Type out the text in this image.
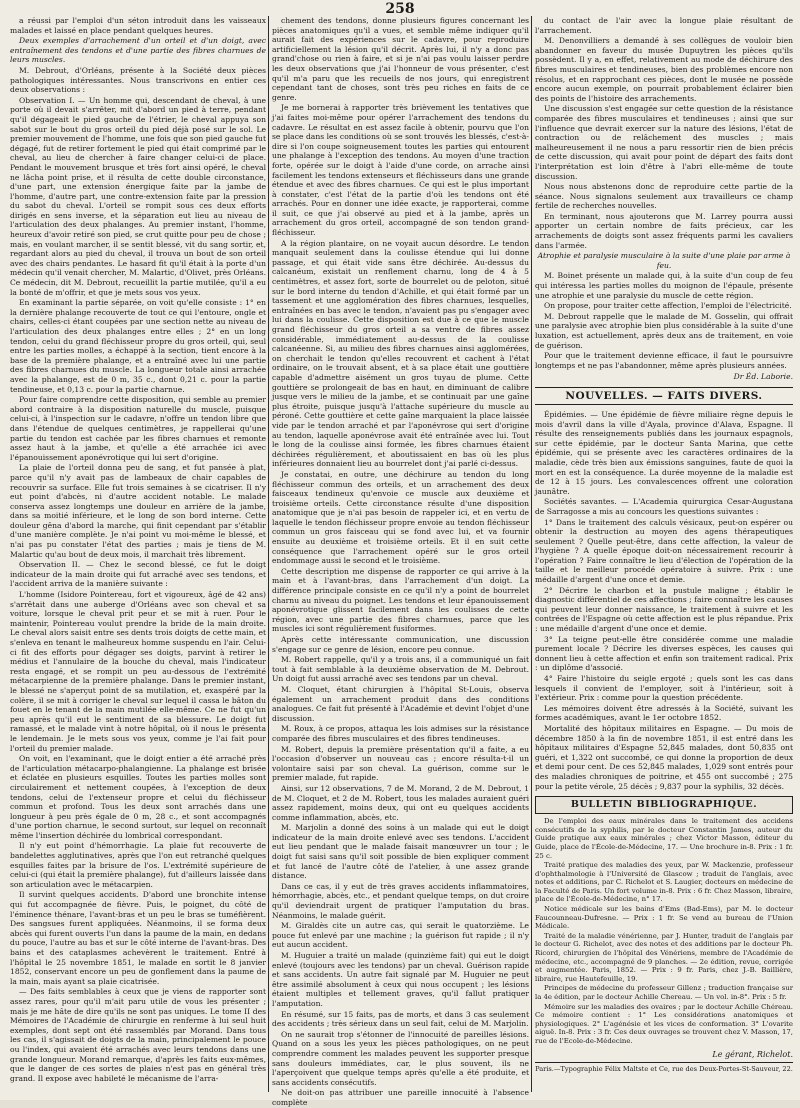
258

a réussi par l'emploi d'un séton introduit dans les vaisseaux malades et laissé en place pendant quelques heures.

Deux exemples d'arrachement d'un orteil et d'un doigt, avec entraînement des tendons et d'une partie des fibres charnues de leurs muscles.

M. Debrout, d'Orléans, présente à la Société deux pièces pathologiques intéressantes. Nous transcrivons en entier ces deux observations :

Observation I. — Un homme qui, descendant de cheval, à une porte où il devait s'arrêter, mit d'abord un pied à terre, pendant qu'il dégageait le pied gauche de l'étrier, le cheval appuya son sabot sur le bout du gros orteil du pied déjà posé sur le sol. Le premier mouvement de l'homme, une fois que son pied gauche fut dégagé, fut de retirer fortement le pied qui était comprimé par le cheval, au lieu de chercher à faire changer celui-ci de place. Pendant le mouvement brusque et très fort ainsi opéré, le cheval ne lâcha point prise, et il résulta de cette double circonstance, d'une part, une extension énergique faite par la jambe de l'homme, d'autre part, une contre-extension faite par la pression du sabot du cheval. L'orteil se rompit sous ces deux efforts dirigés en sens inverse, et la séparation eut lieu au niveau de l'articulation des deux phalanges. Au premier instant, l'homme, heureux d'avoir retiré son pied, se crut quitte pour peu de chose ; mais, en voulant marcher, il se sentit blessé, vit du sang sortir, et, regardant alors au pied du cheval, il trouva un bout de son orteil avec des chairs pendantes. Le hasard fit qu'il était à la porte d'un médecin qu'il venait chercher, M. Malartic, d'Olivet, près Orléans. Ce médecin, dit M. Debrout, recueillit la partie mutilée, qu'il a eu la bonté de m'offrir, et que je mets sous vos yeux.

En examinant la partie séparée, on voit qu'elle consiste : 1° en la dernière phalange recouverte de tout ce qui l'entoure, ongle et chairs, celles-ci étant coupées par une section nette au niveau de l'articulation des deux phalanges entre elles ; 2° en un long tendon, celui du grand fléchisseur propre du gros orteil, qui, seul entre les parties molles, a échappé à la section, tient encore à la base de la première phalange, et a entraîné avec lui une partie des fibres charnues du muscle. La longueur totale ainsi arrachée avec la phalange, est de 0 m, 35 c., dont 0,21 c. pour la partie tendineuse, et 0,13 c. pour la partie charnue.

Pour faire comprendre cette disposition, qui semble au premier abord contraire à la disposition naturelle du muscle, puisque celui-ci, à l'inspection sur le cadavre, n'offre un tendon libre que dans l'étendue de quelques centimètres, je rappellerai qu'une partie du tendon est cachée par les fibres charnues et remonte assez haut à la jambe, et qu'elle a été arrachée ici avec l'épanouissement aponévrotique qui lui sert d'origine.

La plaie de l'orteil donna peu de sang, et fut pansée à plat, parce qu'il n'y avait pas de lambeaux de chair capables de recouvrir sa surface. Elle fut trois semaines à se cicatriser. Il n'y eut point d'abcès, ni d'autre accident notable. Le malade conserva assez longtemps une douleur en arrière de la jambe, dans sa moitié inférieure, et le long de son bord interne. Cette douleur gêna d'abord la marche, qui finit cependant par s'établir d'une manière complète. Je n'ai point vu moi-même le blessé, et n'ai pas pu constater l'état des parties ; mais je tiens de M. Malartic qu'au bout de deux mois, il marchait très librement.

Observation II. — Chez le second blessé, ce fut le doigt indicateur de la main droite qui fut arraché avec ses tendons, et l'accident arriva de la manière suivante :

L'homme (Isidore Pointereau, fort et vigoureux, âgé de 42 ans) s'arrêtait dans une auberge d'Orléans avec son cheval et sa voiture, lorsque le cheval prit peur et se mit à ruer. Pour le maintenir, Pointereau voulut prendre la bride de la main droite. Le cheval alors saisit entre ses dents trois doigts de cette main, et s'enleva en tenant le malheureux homme suspendu en l'air. Celui-ci fit des efforts pour dégager ses doigts, parvint à retirer le médius et l'annulaire de la bouche du cheval, mais l'indicateur resta engagé, et se rompit un peu au-dessous de l'extrémité métacarpienne de la première phalange. Dans le premier instant, le blessé ne s'aperçut point de sa mutilation, et, exaspéré par la colère, il se mit à corriger le cheval sur lequel il cassa le bâton du fouet en le tenant de la main mutilée elle-même. Ce ne fut qu'un peu après qu'il eut le sentiment de sa blessure. Le doigt fut ramassé, et le malade vint à notre hôpital, où il nous le présenta le lendemain. Je le mets sous vos yeux, comme je l'ai fait pour l'orteil du premier malade.

On voit, en l'examinant, que le doigt entier a été arraché près de l'articulation métacarpo-phalangienne. La phalange est brisée et éclatée en plusieurs esquilles. Toutes les parties molles sont circulairement et nettement coupées, à l'exception de deux tendons, celui de l'extenseur propre et celui du fléchisseur commun et profond. Tous les deux sont arrachés dans une longueur à peu près égale de 0 m, 28 c., et sont accompagnés d'une portion charnue, le second surtout, sur lequel on reconnaît même l'insertion déchirée du lombrical correspondant.

Il n'y eut point d'hémorrhagie. La plaie fut recouverte de bandelettes agglutinatives, après que l'on eut retranché quelques esquilles faites par la brisure de l'os. L'extrémité supérieure de celui-ci (qui était la première phalange), fut d'ailleurs laissée dans son articulation avec le métacarpien.

Il survint quelques accidents. D'abord une bronchite intense qui fut accompagnée de fièvre. Puis, le poignet, du côté de l'éminence thénare, l'avant-bras et un peu le bras se tuméfièrent. Des sangsues furent appliquées. Néanmoins, il se forma deux abcès qui furent ouverts l'un dans la paume de la main, en dedans du pouce, l'autre au bas et sur le côté interne de l'avant-bras. Des bains et des cataplasmes achevèrent le traitement. Entré à l'hôpital le 25 novembre 1851, le malade en sortit le 8 janvier 1852, conservant encore un peu de gonflement dans la paume de la main, mais ayant sa plaie cicatrisée.

— Des faits semblables à ceux que je viens de rapporter sont assez rares, pour qu'il m'ait paru utile de vous les présenter ; mais je me hâte de dire qu'ils ne sont pas uniques. Le tome II des Mémoires de l'Académie de chirurgie en renferme à lui seul huit exemples, dont sept ont été rassemblés par Morand. Dans tous les cas, il s'agissait de doigts de la main, principalement le pouce ou l'index, qui avaient été arrachés avec leurs tendons dans une grande longueur. Morand remarque, d'après les faits eux-mêmes, que le danger de ces sortes de plaies n'est pas en général très grand. Il expose avec habileté le mécanisme de l'arra-

chement des tendons, donne plusieurs figures concernant les pièces anatomiques qu'il a vues, et semble même indiquer qu'il aurait fait des expériences sur le cadavre, pour reproduire artificiellement la lésion qu'il décrit. Après lui, il n'y a donc pas grand'chose ou rien à faire, et si je n'ai pas voulu laisser perdre les deux observations que j'ai l'honneur de vous présenter, c'est qu'il m'a paru que les recueils de nos jours, qui enregistrent cependant tant de choses, sont très peu riches en faits de ce genre.

Je me bornerai à rapporter très brièvement les tentatives que j'ai faites moi-même pour opérer l'arrachement des tendons du cadavre. Le résultat en est assez facile à obtenir, pourvu que l'on se place dans les conditions où se sont trouvés les blessés, c'est-à-dire si l'on coupe soigneusement toutes les parties qui entourent une phalange à l'exception des tendons. Au moyen d'une traction forte, opérée sur le doigt à l'aide d'une corde, on arrache ainsi facilement les tendons extenseurs et fléchisseurs dans une grande étendue et avec des fibres charnues. Ce qui est le plus important à constater, c'est l'état de la partie d'où les tendons ont été arrachés. Pour en donner une idée exacte, je rapporterai, comme il suit, ce que j'ai observé au pied et à la jambe, après un arrachement du gros orteil, accompagné de son tendon grand-fléchisseur.

A la région plantaire, on ne voyait aucun désordre. Le tendon manquait seulement dans la coulisse étendue qui lui donne passage, et qui était vide sans être déchirée. Au-dessus du calcanéum, existait un renflement charnu, long de 4 à 5 centimètres, et assez fort, sorte de bourrelet ou de peloton, situé sur le bord interne du tendon d'Achille, et qui était formé par un tassement et une agglomération des fibres charnues, lesquelles, entraînées en bas avec le tendon, n'avaient pas pu s'engager avec lui dans la coulisse. Cette disposition est due à ce que le muscle grand fléchisseur du gros orteil a sa ventre de fibres assez considérable, immédiatement au-dessus de la coulisse calcanéenne. Si, au milieu des fibres charnues ainsi agglomérées, on cherchait le tendon qu'elles recouvrent et cachent à l'état ordinaire, on le trouvait absent, et à sa place était une gouttière capable d'admettre aisément un gros tuyau de plume. Cette gouttière se prolongeait de bas en haut, en diminuant de calibre jusque vers le milieu de la jambe, et se continuait par une gaîne plus étroite, puisque jusqu'à l'attache supérieure du muscle au péroné. Cette gouttière et cette gaîne marquaient la place laissée vide par le tendon arraché et par l'aponévrose qui sert d'origine au tendon, laquelle aponévrose avait été entraînée avec lui. Tout le long de la coulisse ainsi formée, les fibres charnues étaient déchirées régulièrement, et aboutissaient en bas où les plus inférieures donnaient lieu au bourrelet dont j'ai parlé ci-dessus.

Je constatai, en outre, une déchirure au tendon du long fléchisseur commun des orteils, et un arrachement des deux faisceaux tendineux qu'envoie ce muscle aux deuxième et troisième orteils. Cette circonstance résulte d'une disposition anatomique que je n'ai pas besoin de rappeler ici, et en vertu de laquelle le tendon fléchisseur propre envoie au tendon fléchisseur commun un gros faisceau qui se fond avec lui, et va fournir ensuite au deuxième et troisième orteils. Et il en suit cette conséquence que l'arrachement opéré sur le gros orteil endommage aussi le second et le troisième.

Cette description me dispense de rapporter ce qui arrive à la main et à l'avant-bras, dans l'arrachement d'un doigt. La différence principale consiste en ce qu'il n'y a point de bourrelet charnu au niveau du poignet. Les tendons et leur épanouissement aponévrotique glissent facilement dans les coulisses de cette région, avec une partie des fibres charnues, parce que les muscles ici sont régulièrement fusiformes.

Après cette intéressante communication, une discussion s'engage sur ce genre de lésion, encore peu connue.

M. Robert rappelle, qu'il y a trois ans, il a communiqué un fait tout à fait semblable à la deuxième observation de M. Debrout. Un doigt fut aussi arraché avec ses tendons par un cheval.

M. Cloquet, étant chirurgien à l'hôpital St-Louis, observa également un arrachement produit dans des conditions analogues. Ce fait fut présenté à l'Académie et devint l'objet d'une discussion.

M. Roux, à ce propos, attaqua les lois admises sur la résistance comparée des fibres musculaires et des fibres tendineuses.

M. Robert, depuis la première présentation qu'il a faite, a eu l'occasion d'observer un nouveau cas ; encore résulta-t-il un volontaire saisi par son cheval. La guérison, comme sur le premier malade, fut rapide.

Ainsi, sur 12 observations, 7 de M. Morand, 2 de M. Debrout, 1 de M. Cloquet, et 2 de M. Robert, tous les malades auraient guéri assez rapidement, moins deux, qui ont eu quelques accidents comme inflammation, abcès, etc.

M. Marjolin a donné des soins à un malade qui eut le doigt indicateur de la main droite enlevé avec ses tendons. L'accident eut lieu pendant que le malade faisait manœuvrer un tour ; le doigt fut saisi sans qu'il soit possible de bien expliquer comment et fut lancé de l'autre côté de l'atelier, à une assez grande distance.

Dans ce cas, il y eut de très graves accidents inflammatoires, hémorrhagie, abcès, etc., et pendant quelque temps, on dut croire qu'il deviendrait urgent de pratiquer l'amputation du bras. Néanmoins, le malade guérit.

M. Giraldès cite un autre cas, qui serait le quatorzième. Le pouce fut enlevé par une machine ; la guérison fut rapide ; il n'y eut aucun accident.

M. Huguier a traité un malade (quinzième fait) qui eut le doigt enlevé (toujours avec les tendons) par un cheval. Guérison rapide et sans accidents. Un autre fait signalé par M. Huguier ne peut être assimilé absolument à ceux qui nous occupent ; les lésions étaient multiples et tellement graves, qu'il fallut pratiquer l'amputation.

En résumé, sur 15 faits, pas de morts, et dans 3 cas seulement des accidents ; très sérieux dans un seul fait, celui de M. Marjolin.

On ne saurait trop s'étonner de l'innocuité de pareilles lésions. Quand on a sous les yeux les pièces pathologiques, on ne peut comprendre comment les malades peuvent les supporter presque sans douleurs immédiates, car, le plus souvent, ils ne l'aperçoivent que quelque temps après qu'elle a été produite, et sans accidents consécutifs.

Ne doit-on pas attribuer une pareille innocuité à l'absence complète

du contact de l'air avec la longue plaie résultant de l'arrachement.

M. Denonvilliers a demandé à ses collègues de vouloir bien abandonner en faveur du musée Dupuytren les pièces qu'ils possèdent. Il y a, en effet, relativement au mode de déchirure des fibres musculaires et tendineuses, bien des problèmes encore non résolus, et en rapprochant ces pièces, dont le musée ne possède encore aucun exemple, on pourrait probablement éclairer bien des points de l'histoire des arrachements.

Une discussion s'est engagée sur cette question de la résistance comparée des fibres musculaires et tendineuses ; ainsi que sur l'influence que devrait exercer sur la nature des lésions, l'état de contraction ou de relâchement des muscles ; mais malheureusement il ne nous a paru ressortir rien de bien précis de cette discussion, qui avait pour point de départ des faits dont l'interprétation est loin d'être à l'abri elle-même de toute discussion.

Nous nous abstenons donc de reproduire cette partie de la séance. Nous signalons seulement aux travailleurs ce champ fertile de recherches nouvelles.

En terminant, nous ajouterons que M. Larrey pourra aussi apporter un certain nombre de faits précieux, car les arrachements de doigts sont assez fréquents parmi les cavaliers dans l'armée.

Atrophie et paralysie musculaire à la suite d'une plaie par arme à feu.

M. Boinet présente un malade qui, à la suite d'un coup de feu qui intéressa les parties molles du moignon de l'épaule, présente une atrophie et une paralysie du muscle de cette région.

On propose, pour traiter cette affection, l'emploi de l'électricité.

M. Debrout rappelle que le malade de M. Gosselin, qui offrait une paralysie avec atrophie bien plus considérable à la suite d'une luxation, est actuellement, après deux ans de traitement, en voie de guérison.

Pour que le traitement devienne efficace, il faut le poursuivre longtemps et ne pas l'abandonner, même après plusieurs années.

Dr Éd. Laborie.
NOUVELLES. — FAITS DIVERS.

Épidémies. — Une épidémie de fièvre miliaire règne depuis le mois d'avril dans la ville d'Ayala, province d'Alava, Espagne. Il résulte des renseignements publiés dans les journaux espagnols, sur cette épidémie, par le docteur Santa Marina, que cette épidémie, qui se présente avec les caractères ordinaires de la maladie, cède très bien aux émissions sanguines, faute de quoi la mort en est la conséquence. La durée moyenne de la maladie est de 12 à 15 jours. Les convalescences offrent une coloration jaunâtre.

Sociétés savantes. — L'Academia quirurgica Cesar-Augustana de Sarragosse a mis au concours les questions suivantes :

1° Dans le traitement des calculs vésicaux, peut-on espérer ou obtenir la destruction au moyen des agens thérapeutiques seulement ? Quelle peut-être, dans cette affection, la valeur de l'hygiène ? A quelle époque doit-on nécessairement recourir à l'opération ? Faire connaître le lieu d'élection de l'opération de la taille et le meilleur procédé opératoire à suivre. Prix : une médaille d'argent d'une once et demie.

2° Décrire le charbon et la pustule maligne ; établir le diagnostic différentiel de ces affections ; faire connaître les causes qui peuvent leur donner naissance, le traitement à suivre et les contrées de l'Espagne où cette affection est le plus répandue. Prix : une médaille d'argent d'une once et demie.

3° La teigne peut-elle être considérée comme une maladie purement locale ? Décrire les diverses espèces, les causes qui donnent lieu à cette affection et enfin son traitement radical. Prix : un diplôme d'associé.

4° Faire l'histoire du seigle ergoté ; quels sont les cas dans lesquels il convient de l'employer, soit à l'intérieur, soit à l'extérieur. Prix : comme pour la question précédente.

Les mémoires doivent être adressés à la Société, suivant les formes académiques, avant le 1er octobre 1852.

Mortalité des hôpitaux militaires en Espagne. — Du mois de décembre 1850 à la fin de novembre 1851, il est entré dans les hôpitaux militaires d'Espagne 52,845 malades, dont 50,835 ont guéri, et 1,322 ont succombé, ce qui donne la proportion de deux et demi pour cent. De ces 52,845 malades, 1,029 sont entrés pour des maladies chroniques de poitrine, et 455 ont succombé ; 275 pour la petite vérole, 25 décès ; 9,837 pour la syphilis, 32 décès.

BULLETIN BIBLIOGRAPHIQUE.

De l'emploi des eaux minérales dans le traitement des accidens consécutifs de la syphilis, par le docteur Constantin James, auteur du Guide pratique aux eaux minérales ; chez Victor Masson, éditeur du Guide, place de l'École-de-Médecine, 17. — Une brochure in-8. Prix : 1 fr. 25 c.

Traité pratique des maladies des yeux, par W. Mackenzie, professeur d'ophthalmologie à l'Université de Glascow ; traduit de l'anglais, avec notes et additions, par C. Richelot et S. Laugier, docteurs en médecine de la Faculté de Paris. Un fort volume in-8. Prix : 6 fr. Chez Masson, libraire, place de l'École-de-Médecine, n° 17.

Notice médicale sur les bains d'Ems (Bad-Ems), par M. le docteur Faucounneau-Dufresne. — Prix : 1 fr. Se vend au bureau de l'Union Médicale.

Traité de la maladie vénérienne, par J. Hunter, traduit de l'anglais par le docteur G. Richelot, avec des notes et des additions par le docteur Ph. Ricord, chirurgien de l'hôpital des Vénériens, membre de l'Académie de médecine, etc., accompagné de 9 planches. — 2e édition, revue, corrigée et augmentée. Paris, 1852. — Prix : 9 fr. Paris, chez J.-B. Baillière, libraire, rue Hautefeuille, 19.

Principes de médecine du professeur Gillenz ; traduction française sur la 4e édition, par le docteur Achille Chereau. — Un vol. in-8°. Prix : 5 fr.

Mémoire sur les maladies des ovaires ; par le docteur Achille Chéreau. Ce mémoire contient : 1° Les considérations anatomiques et physiologiques. 2° L'agénésie et les vices de conformation. 3° L'ovarite aiguë. In-8. Prix : 3 fr. Ces deux ouvrages se trouvent chez V. Masson, 17, rue de l'Ecole-de-Médecine.

Le gérant, Richelot.

Paris.—Typographie Félix Maltste et Ce, rue des Deux-Portes-St-Sauveur, 22.
